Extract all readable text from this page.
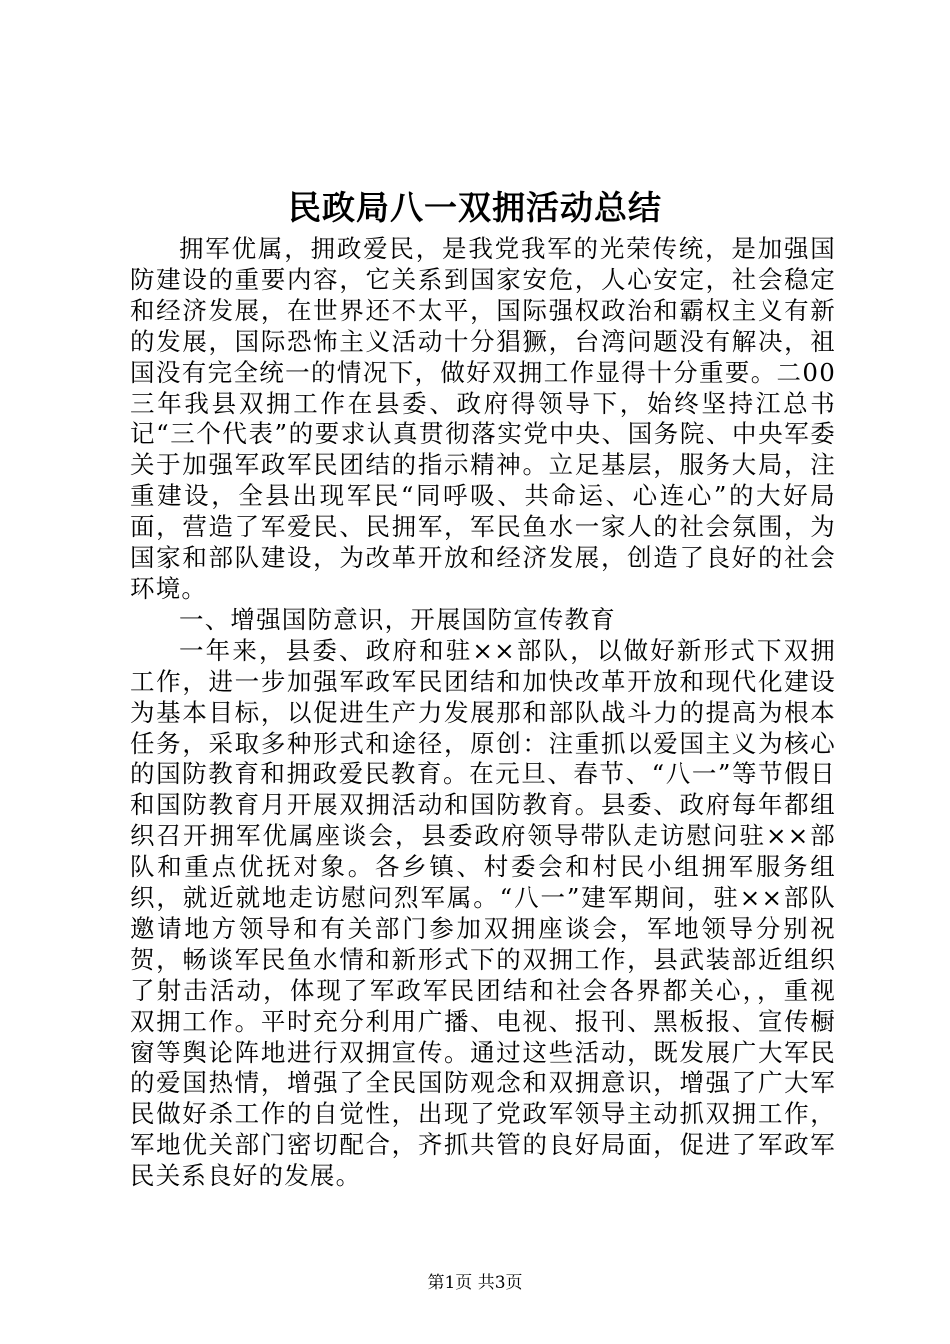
民政局八一双拥活动总结

拥军优属，拥政爱民，是我党我军的光荣传统，是加强国防建设的重要内容，它关系到国家安危，人心安定，社会稳定和经济发展，在世界还不太平，国际强权政治和霸权主义有新的发展，国际恐怖主义活动十分猖獗，台湾问题没有解决，祖国没有完全统一的情况下，做好双拥工作显得十分重要。二00三年我县双拥工作在县委、政府得领导下，始终坚持江总书记“三个代表”的要求认真贯彻落实党中央、国务院、中央军委关于加强军政军民团结的指示精神。立足基层，服务大局，注重建设，全县出现军民“同呼吸、共命运、心连心”的大好局面，营造了军爱民、民拥军，军民鱼水一家人的社会氛围，为国家和部队建设，为改革开放和经济发展，创造了良好的社会环境。

一、增强国防意识，开展国防宣传教育

一年来，县委、政府和驻××部队，以做好新形式下双拥工作，进一步加强军政军民团结和加快改革开放和现代化建设为基本目标，以促进生产力发展那和部队战斗力的提高为根本任务，采取多种形式和途径，原创：注重抓以爱国主义为核心的国防教育和拥政爱民教育。在元旦、春节、“八一”等节假日和国防教育月开展双拥活动和国防教育。县委、政府每年都组织召开拥军优属座谈会，县委政府领导带队走访慰问驻××部队和重点优抚对象。各乡镇、村委会和村民小组拥军服务组织，就近就地走访慰问烈军属。“八一”建军期间，驻××部队邀请地方领导和有关部门参加双拥座谈会，军地领导分别祝贺，畅谈军民鱼水情和新形式下的双拥工作，县武装部近组织了射击活动，体现了军政军民团结和社会各界都关心，，重视双拥工作。平时充分利用广播、电视、报刊、黑板报、宣传橱窗等舆论阵地进行双拥宣传。通过这些活动，既发展广大军民的爱国热情，增强了全民国防观念和双拥意识，增强了广大军民做好杀工作的自觉性，出现了党政军领导主动抓双拥工作，军地优关部门密切配合，齐抓共管的良好局面，促进了军政军民关系良好的发展。

第1页 共3页
